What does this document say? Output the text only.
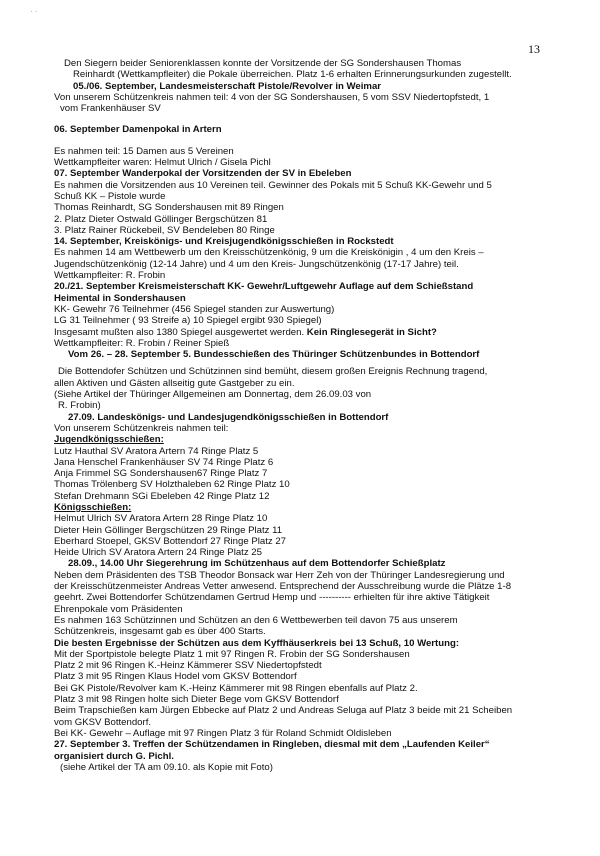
· ·
13
Den Siegern beider Seniorenklassen konnte der Vorsitzende der SG Sondershausen Thomas
Reinhardt (Wettkampfleiter) die Pokale überreichen. Platz 1-6 erhalten Erinnerungsurkunden zugestellt.
05./06. September, Landesmeisterschaft Pistole/Revolver in Weimar
Von unserem Schützenkreis nahmen teil: 4 von der SG Sondershausen, 5 vom SSV Niedertopfstedt, 1
vom Frankenhäuser SV
06. September Damenpokal in Artern
Es nahmen teil: 15 Damen aus 5 Vereinen
Wettkampfleiter waren: Helmut Ulrich / Gisela Pichl
07. September Wanderpokal der Vorsitzenden der SV in Ebeleben
Es nahmen die Vorsitzenden aus 10 Vereinen teil. Gewinner des Pokals mit 5 Schuß KK-Gewehr und 5
Schuß KK – Pistole wurde
Thomas Reinhardt, SG Sondershausen mit 89 Ringen
2. Platz Dieter Ostwald Göllinger Bergschützen 81
3. Platz Rainer Rückebeil, SV Bendeleben 80 Ringe
14. September, Kreiskönigs- und Kreisjugendkönigsschießen in Rockstedt
Es nahmen 14 am Wettbewerb um den Kreisschützenkönig, 9 um die Kreiskönigin , 4 um den Kreis –
Jugendschützenkönig (12-14 Jahre) und 4 um den Kreis- Jungschützenkönig (17-17 Jahre) teil.
Wettkampfleiter: R. Frobin
20./21. September Kreismeisterschaft KK- Gewehr/Luftgewehr Auflage auf dem Schießstand
Heimental in Sondershausen
KK- Gewehr 76 Teilnehmer (456 Spiegel standen zur Auswertung)
LG 31 Teilnehmer ( 93 Streife a) 10 Spiegel ergibt 930 Spiegel)
Insgesamt mußten also 1380 Spiegel ausgewertet werden. Kein Ringlesegerät in Sicht?
Wettkampfleiter: R. Frobin / Reiner Spieß
Vom 26. – 28. September 5. Bundesschießen des Thüringer Schützenbundes in Bottendorf
Die Bottendofer Schützen und Schützinnen sind bemüht, diesem großen Ereignis Rechnung tragend,
allen Aktiven und Gästen allseitig gute Gastgeber zu ein.
(Siehe Artikel der Thüringer Allgemeinen am Donnertag, dem 26.09.03 von
R. Frobin)
27.09. Landeskönigs- und Landesjugendkönigsschießen in Bottendorf
Von unserem Schützenkreis nahmen teil:
Jugendkönigsschießen:
Lutz Hauthal SV Aratora Artern 74 Ringe Platz 5
Jana Henschel Frankenhäuser SV 74 Ringe Platz 6
Anja Frimmel SG Sondershausen67 Ringe Platz 7
Thomas Trölenberg SV Holzthaleben 62 Ringe Platz 10
Stefan Drehmann SGi Ebeleben 42 Ringe Platz 12
Königsschießen:
Helmut Ulrich SV Aratora Artern 28 Ringe Platz 10
Dieter Hein Göllinger Bergschützen 29 Ringe Platz 11
Eberhard Stoepel, GKSV Bottendorf 27 Ringe Platz 27
Heide Ulrich SV Aratora Artern 24 Ringe Platz 25
28.09., 14.00 Uhr Siegerehrung im Schützenhaus auf dem Bottendorfer Schießplatz
Neben dem Präsidenten des TSB Theodor Bonsack war Herr Zeh von der Thüringer Landesregierung und
der Kreisschützenmeister Andreas Vetter anwesend. Entsprechend der Ausschreibung wurde die Plätze 1-8
geehrt. Zwei Bottendorfer Schützendamen Gertrud Hemp und ---------- erhielten für ihre aktive Tätigkeit
Ehrenpokale vom Präsidenten
Es nahmen 163 Schützinnen und Schützen an den 6 Wettbewerben teil davon 75 aus unserem
Schützenkreis, insgesamt gab es über 400 Starts.
Die besten Ergebnisse der Schützen aus dem Kyffhäuserkreis bei 13 Schuß, 10 Wertung:
Mit der Sportpistole belegte Platz 1 mit 97 Ringen R. Frobin der SG Sondershausen
Platz 2 mit 96 Ringen K.-Heinz Kämmerer SSV Niedertopfstedt
Platz 3 mit 95 Ringen Klaus Hodel vom GKSV Bottendorf
Bei GK Pistole/Revolver kam K.-Heinz Kämmerer mit 98 Ringen ebenfalls auf Platz 2.
Platz 3 mit 98 Ringen holte sich Dieter Bege vom GKSV Bottendorf
Beim Trapschießen kam Jürgen Ebbecke auf Platz 2 und Andreas Seluga auf Platz 3 beide mit 21 Scheiben
vom GKSV Bottendorf.
Bei KK- Gewehr – Auflage mit 97 Ringen Platz 3 für Roland Schmidt Oldisleben
27. September 3. Treffen der Schützendamen in Ringleben, diesmal mit dem „Laufenden Keiler“
organisiert durch G. Pichl.
(siehe Artikel der TA am 09.10. als Kopie mit Foto)
